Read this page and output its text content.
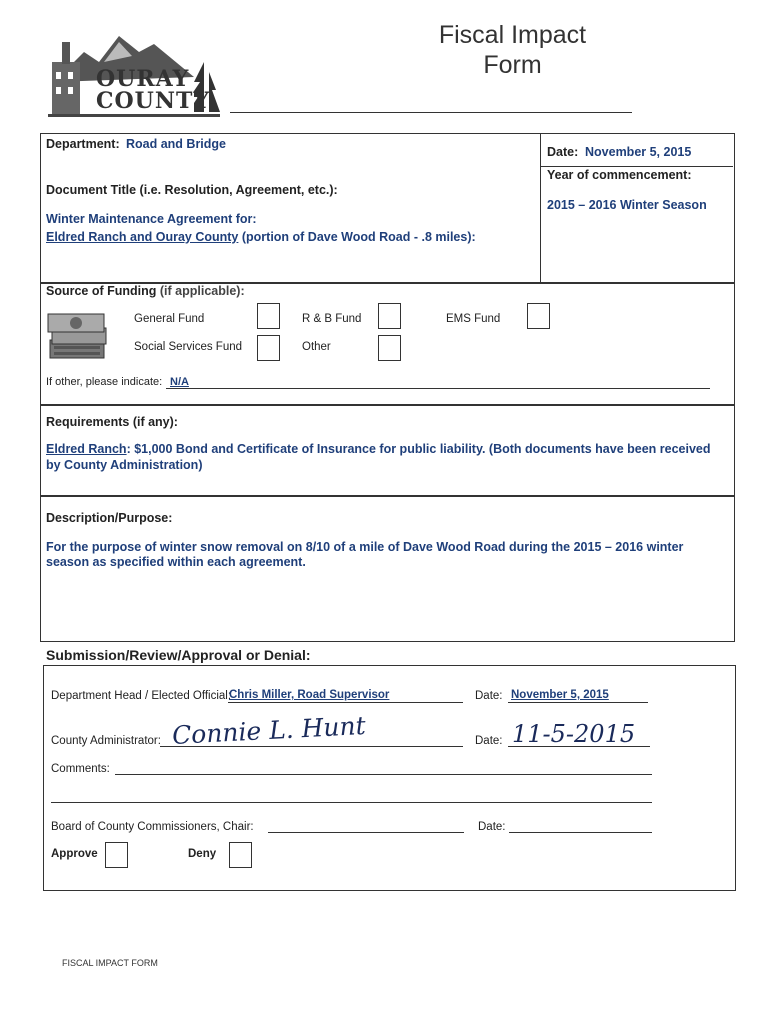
OURAY
COUNTY
Fiscal Impact
Form
Department: Road and Bridge
Date: November 5, 2015
Year of commencement:
2015 – 2016 Winter Season
Document Title (i.e. Resolution, Agreement, etc.):
Winter Maintenance Agreement for:
Eldred Ranch and Ouray County (portion of Dave Wood Road - .8 miles):
Source of Funding (if applicable):
General Fund	R & B Fund	EMS Fund
Social Services Fund	Other
If other, please indicate: N/A
Requirements (if any):
Eldred Ranch: $1,000 Bond and Certificate of Insurance for public liability. (Both documents have been received
by County Administration)
Description/Purpose:
For the purpose of winter snow removal on 8/10 of a mile of Dave Wood Road during the 2015 – 2016 winter
season as specified within each agreement.
Submission/Review/Approval or Denial:
Department Head / Elected Official:
Chris Miller, Road Supervisor	Date: November 5, 2015
County Administrator: Connie L. Hunt	Date: 11-5-2015
Comments:
Board of County Commissioners, Chair:	Date:
Approve	Deny
FISCAL IMPACT FORM
